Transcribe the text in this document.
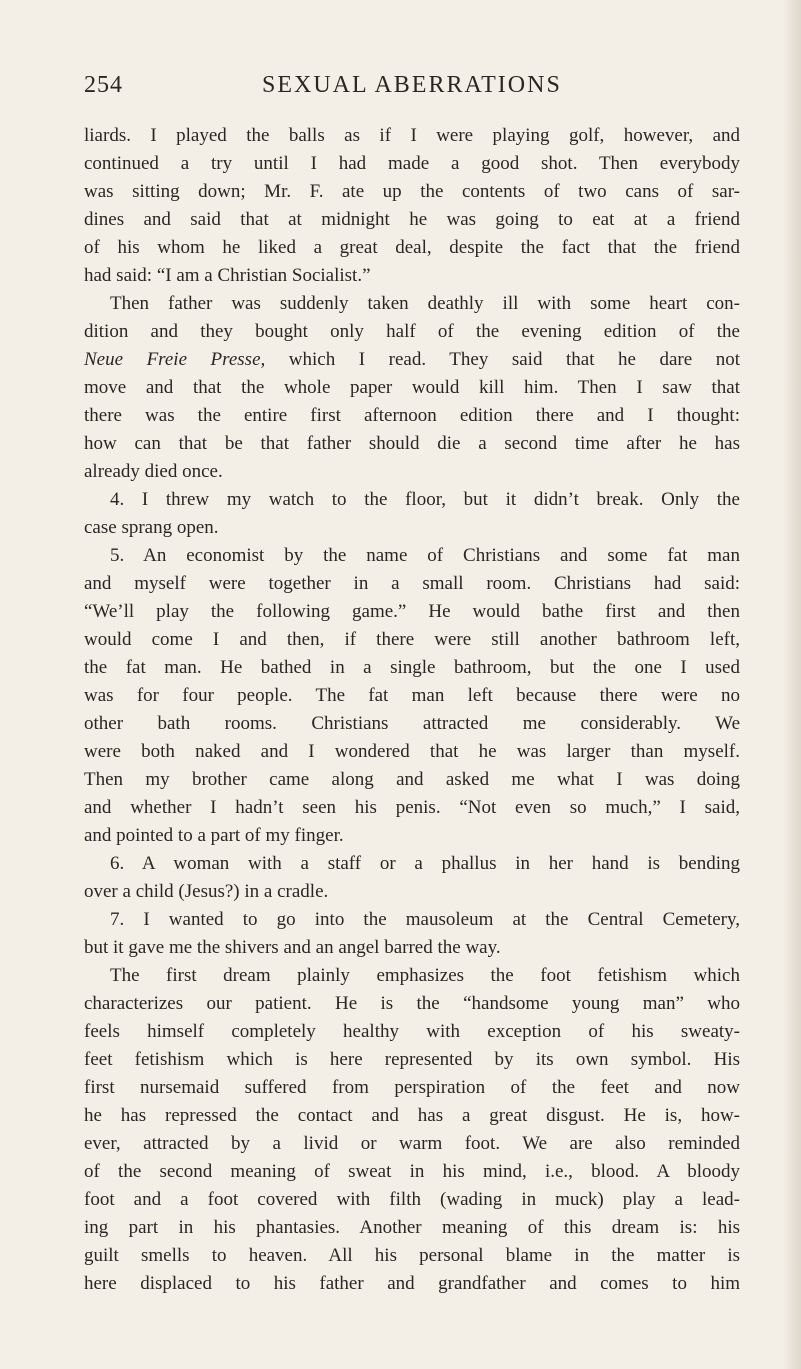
254	SEXUAL ABERRATIONS
liards. I played the balls as if I were playing golf, however, and
continued a try until I had made a good shot. Then everybody
was sitting down; Mr. F. ate up the contents of two cans of sar-
dines and said that at midnight he was going to eat at a friend
of his whom he liked a great deal, despite the fact that the friend
had said: “I am a Christian Socialist.”
Then father was suddenly taken deathly ill with some heart con-
dition and they bought only half of the evening edition of the
Neue Freie Presse, which I read. They said that he dare not
move and that the whole paper would kill him. Then I saw that
there was the entire first afternoon edition there and I thought:
how can that be that father should die a second time after he has
already died once.
4. I threw my watch to the floor, but it didn’t break. Only the
case sprang open.
5. An economist by the name of Christians and some fat man
and myself were together in a small room. Christians had said:
“We’ll play the following game.” He would bathe first and then
would come I and then, if there were still another bathroom left,
the fat man. He bathed in a single bathroom, but the one I used
was for four people. The fat man left because there were no
other bath rooms. Christians attracted me considerably. We
were both naked and I wondered that he was larger than myself.
Then my brother came along and asked me what I was doing
and whether I hadn’t seen his penis. “Not even so much,” I said,
and pointed to a part of my finger.
6. A woman with a staff or a phallus in her hand is bending
over a child (Jesus?) in a cradle.
7. I wanted to go into the mausoleum at the Central Cemetery,
but it gave me the shivers and an angel barred the way.
The first dream plainly emphasizes the foot fetishism which
characterizes our patient. He is the “handsome young man” who
feels himself completely healthy with exception of his sweaty-
feet fetishism which is here represented by its own symbol. His
first nursemaid suffered from perspiration of the feet and now
he has repressed the contact and has a great disgust. He is, how-
ever, attracted by a livid or warm foot. We are also reminded
of the second meaning of sweat in his mind, i.e., blood. A bloody
foot and a foot covered with filth (wading in muck) play a lead-
ing part in his phantasies. Another meaning of this dream is: his
guilt smells to heaven. All his personal blame in the matter is
here displaced to his father and grandfather and comes to him
